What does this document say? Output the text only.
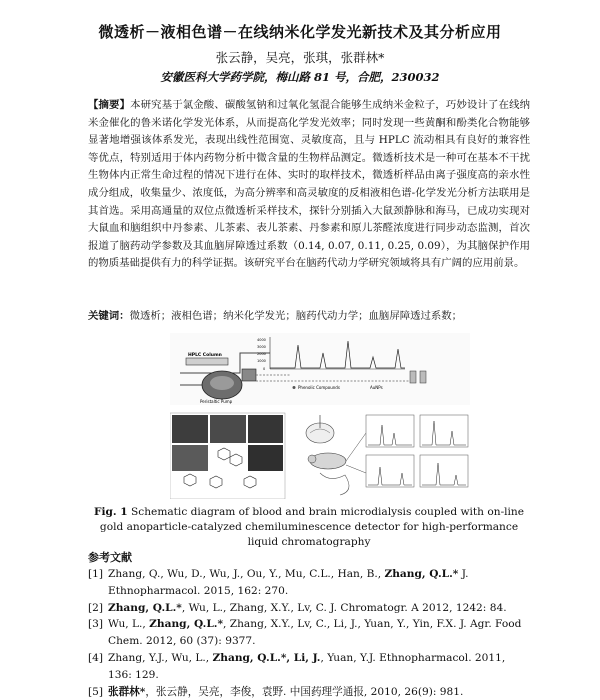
微透析－液相色谱－在线纳米化学发光新技术及其分析应用
张云静，吴亮，张琪，张群林*
安徽医科大学药学院，梅山路 81 号，合肥，230032
【摘要】本研究基于氯金酸、碳酸氢钠和过氧化氢混合能够生成纳米金粒子，巧妙设计了在线纳米金催化的鲁米诺化学发光体系，从而提高化学发光效率；同时发现一些黄酮和酚类化合物能够显著地增强该体系发光，表现出线性范围宽、灵敏度高，且与 HPLC 流动相具有良好的兼容性等优点，特别适用于体内药物分析中微含量的生物样品测定。微透析技术是一种可在基本不干扰生物体内正常生命过程的情况下进行在体、实时的取样技术，微透析样品由离子强度高的亲水性成分组成，收集量少、浓度低，为高分辨率和高灵敏度的反相液相色谱-化学发光分析方法联用是其首选。采用高通量的双位点微透析采样技术，探针分别插入大鼠颈静脉和海马，已成功实现对大鼠血和脑组织中丹参素、儿茶素、表儿茶素、丹参素和原儿茶醛浓度进行同步动态监测，首次报道了脑药动学参数及其血脑屏障透过系数（0.14, 0.07, 0.11, 0.25, 0.09），为其脑保护作用的物质基础提供有力的科学证据。该研究平台在脑药代动力学研究领域将具有广阔的应用前景。
关键词：微透析；液相色谱；纳米化学发光；脑药代动力学；血脑屏障透过系数；
HPLC Column
Peristaltic Pump
4000
3000
2000
1000
0
Phenolic Compounds	AuNPs
Fig. 1 Schematic diagram of blood and brain microdialysis coupled with on-line gold anoparticle-catalyzed chemiluminescence detector for high-performance liquid chromatography
参考文献
[1] Zhang, Q., Wu, D., Wu, J., Ou, Y., Mu, C.L., Han, B., Zhang, Q.L.* J. Ethnopharmacol. 2015, 162: 270.
[2] Zhang, Q.L.*, Wu, L., Zhang, X.Y., Lv, C. J. Chromatogr. A 2012, 1242: 84.
[3] Wu, L., Zhang, Q.L.*, Zhang, X.Y., Lv, C., Li, J., Yuan, Y., Yin, F.X. J. Agr. Food Chem. 2012, 60 (37): 9377.
[4] Zhang, Y.J., Wu, L., Zhang, Q.L.*, Li, J., Yuan, Y.J. Ethnopharmacol. 2011, 136: 129.
[5] 张群林*，张云静，吴亮，李俊，袁野. 中国药理学通报, 2010, 26(9): 981.
